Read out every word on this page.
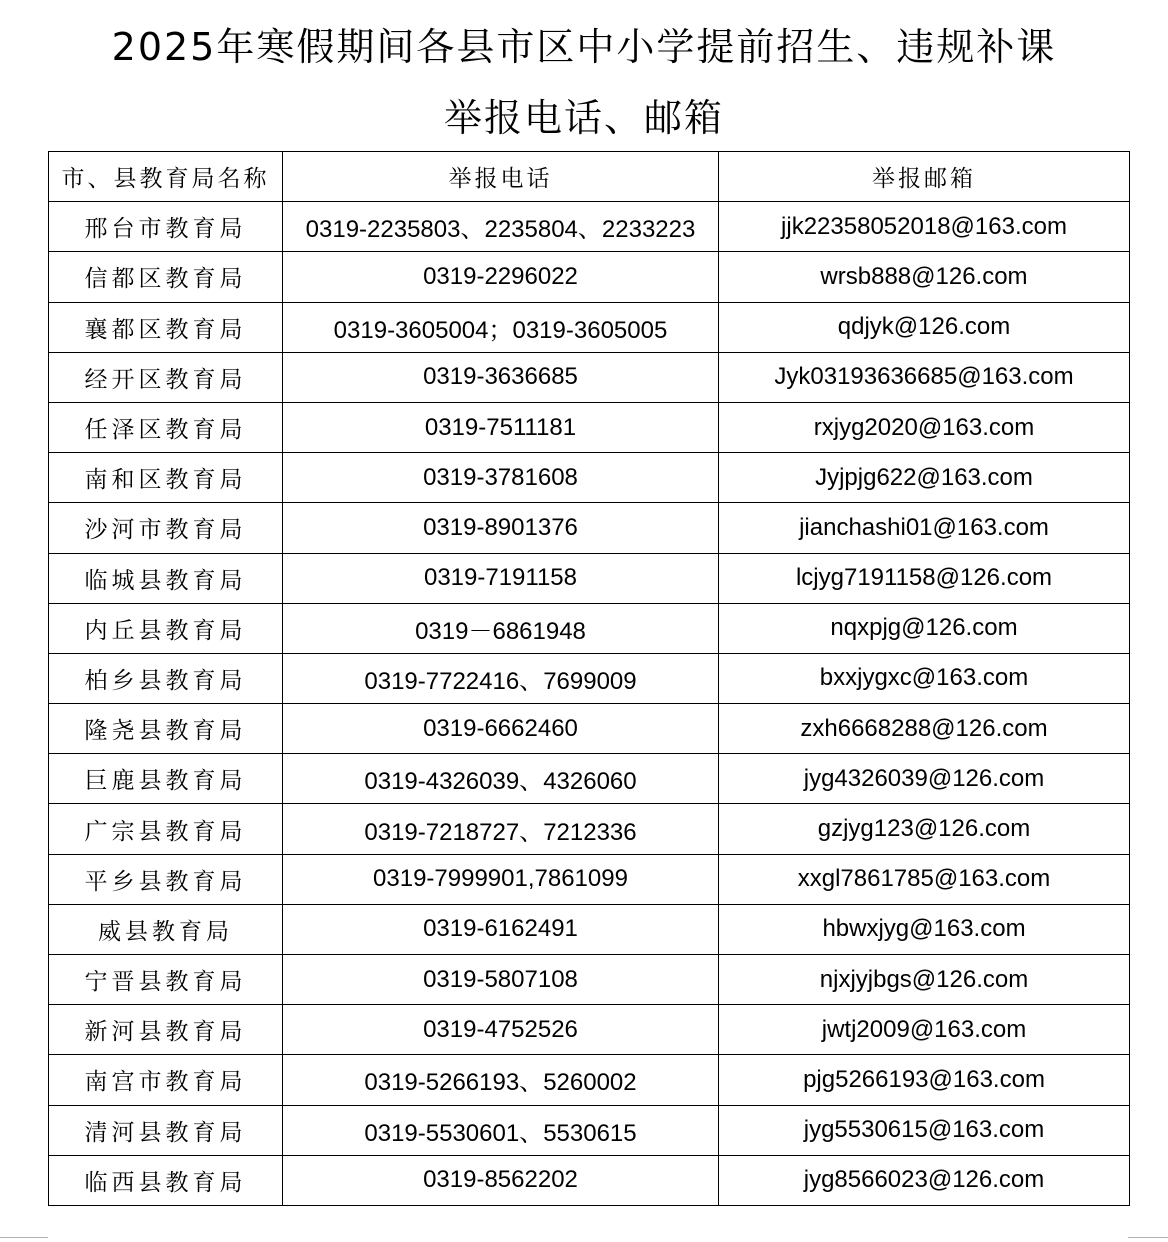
2025年寒假期间各县市区中小学提前招生、违规补课
举报电话、邮箱
市、县教育局名称	举报电话	举报邮箱
邢台市教育局	0319-2235803、2235804、2233223	jjk22358052018@163.com
信都区教育局	0319-2296022	wrsb888@126.com
襄都区教育局	0319-3605004；0319-3605005	qdjyk@126.com
经开区教育局	0319-3636685	Jyk03193636685@163.com
任泽区教育局	0319-7511181	rxjyg2020@163.com
南和区教育局	0319-3781608	Jyjpjg622@163.com
沙河市教育局	0319-8901376	jianchashi01@163.com
临城县教育局	0319-7191158	lcjyg7191158@126.com
内丘县教育局	0319－6861948	nqxpjg@126.com
柏乡县教育局	0319-7722416、7699009	bxxjygxc@163.com
隆尧县教育局	0319-6662460	zxh6668288@126.com
巨鹿县教育局	0319-4326039、4326060	jyg4326039@126.com
广宗县教育局	0319-7218727、7212336	gzjyg123@126.com
平乡县教育局	0319-7999901,7861099	xxgl7861785@163.com
威县教育局	0319-6162491	hbwxjyg@163.com
宁晋县教育局	0319-5807108	njxjyjbgs@126.com
新河县教育局	0319-4752526	jwtj2009@163.com
南宫市教育局	0319-5266193、5260002	pjg5266193@163.com
清河县教育局	0319-5530601、5530615	jyg5530615@163.com
临西县教育局	0319-8562202	jyg8566023@126.com
